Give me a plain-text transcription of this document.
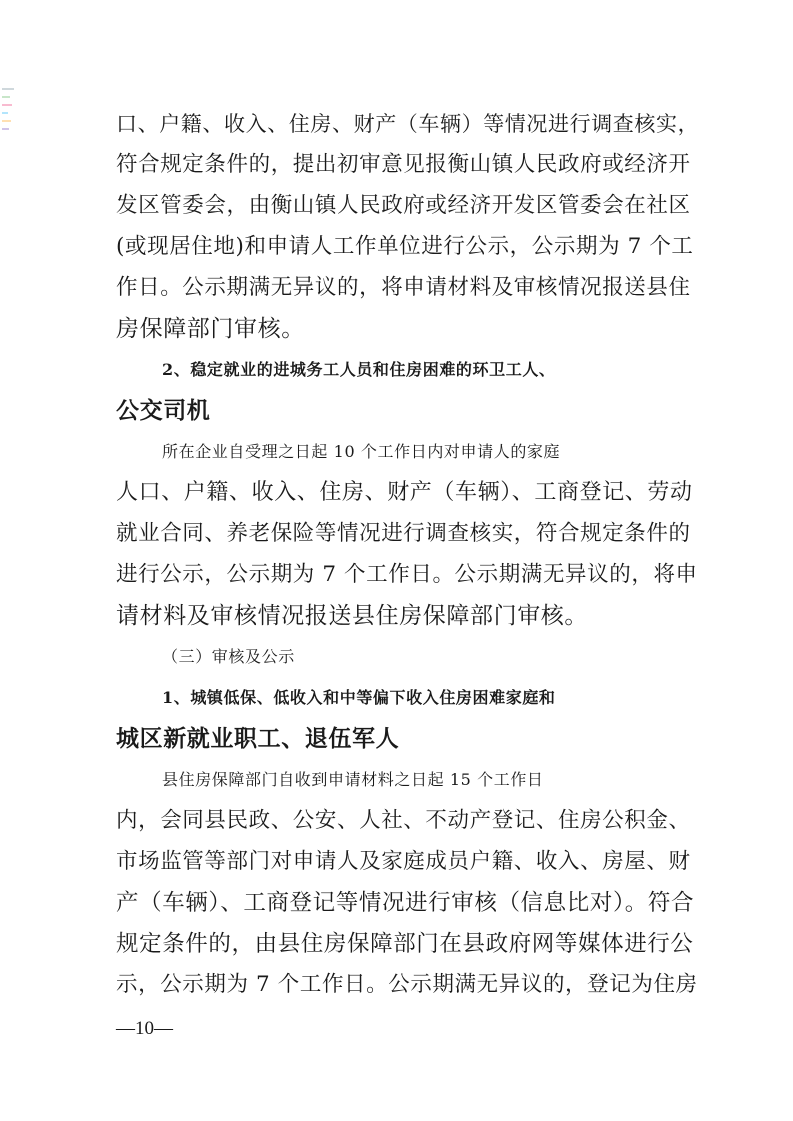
口、户籍、收入、住房、财产（车辆）等情况进行调查核实，
符合规定条件的，提出初审意见报衡山镇人民政府或经济开
发区管委会，由衡山镇人民政府或经济开发区管委会在社区
(或现居住地)和申请人工作单位进行公示，公示期为 7 个工
作日。公示期满无异议的，将申请材料及审核情况报送县住
房保障部门审核。
2、稳定就业的进城务工人员和住房困难的环卫工人、
公交司机
所在企业自受理之日起 10 个工作日内对申请人的家庭
人口、户籍、收入、住房、财产（车辆）、工商登记、劳动
就业合同、养老保险等情况进行调查核实，符合规定条件的
进行公示，公示期为 7 个工作日。公示期满无异议的，将申
请材料及审核情况报送县住房保障部门审核。
（三）审核及公示
1、城镇低保、低收入和中等偏下收入住房困难家庭和
城区新就业职工、退伍军人
县住房保障部门自收到申请材料之日起 15 个工作日
内，会同县民政、公安、人社、不动产登记、住房公积金、
市场监管等部门对申请人及家庭成员户籍、收入、房屋、财
产（车辆）、工商登记等情况进行审核（信息比对）。符合
规定条件的，由县住房保障部门在县政府网等媒体进行公
示，公示期为 7 个工作日。公示期满无异议的，登记为住房
—10—
